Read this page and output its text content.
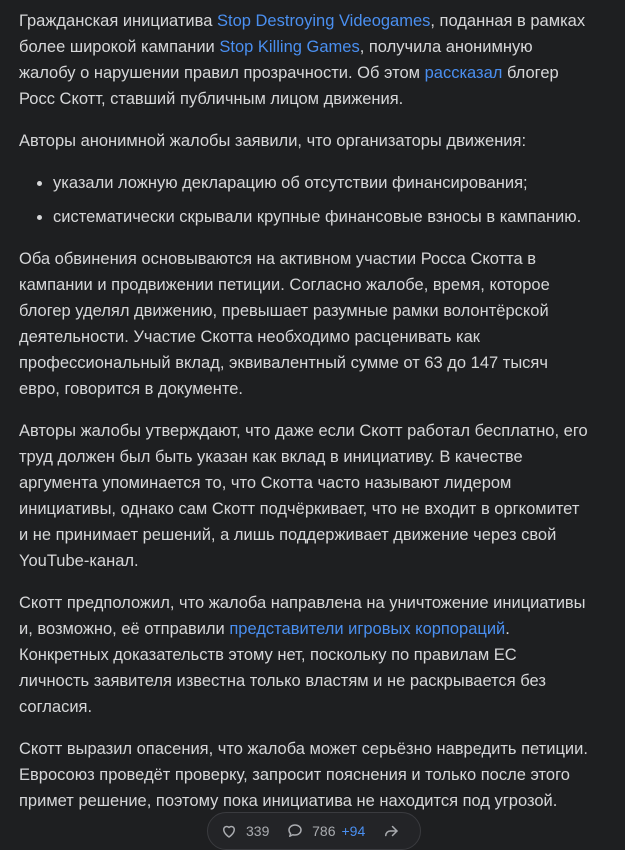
Гражданская инициатива Stop Destroying Videogames, поданная в рамках более широкой кампании Stop Killing Games, получила анонимную жалобу о нарушении правил прозрачности. Об этом рассказал блогер Росс Скотт, ставший публичным лицом движения.

Авторы анонимной жалобы заявили, что организаторы движения:

указали ложную декларацию об отсутствии финансирования;
систематически скрывали крупные финансовые взносы в кампанию.

Оба обвинения основываются на активном участии Росса Скотта в кампании и продвижении петиции. Согласно жалобе, время, которое блогер уделял движению, превышает разумные рамки волонтёрской деятельности. Участие Скотта необходимо расценивать как профессиональный вклад, эквивалентный сумме от 63 до 147 тысяч евро, говорится в документе.

Авторы жалобы утверждают, что даже если Скотт работал бесплатно, его труд должен был быть указан как вклад в инициативу. В качестве аргумента упоминается то, что Скотта часто называют лидером инициативы, однако сам Скотт подчёркивает, что не входит в оргкомитет и не принимает решений, а лишь поддерживает движение через свой YouTube-канал.

Скотт предположил, что жалоба направлена на уничтожение инициативы и, возможно, её отправили представители игровых корпораций. Конкретных доказательств этому нет, поскольку по правилам ЕС личность заявителя известна только властям и не раскрывается без согласия.

Скотт выразил опасения, что жалоба может серьёзно навредить петиции. Евросоюз проведёт проверку, запросит пояснения и только после этого примет решение, поэтому пока инициатива не находится под угрозой.

339	786 +94
